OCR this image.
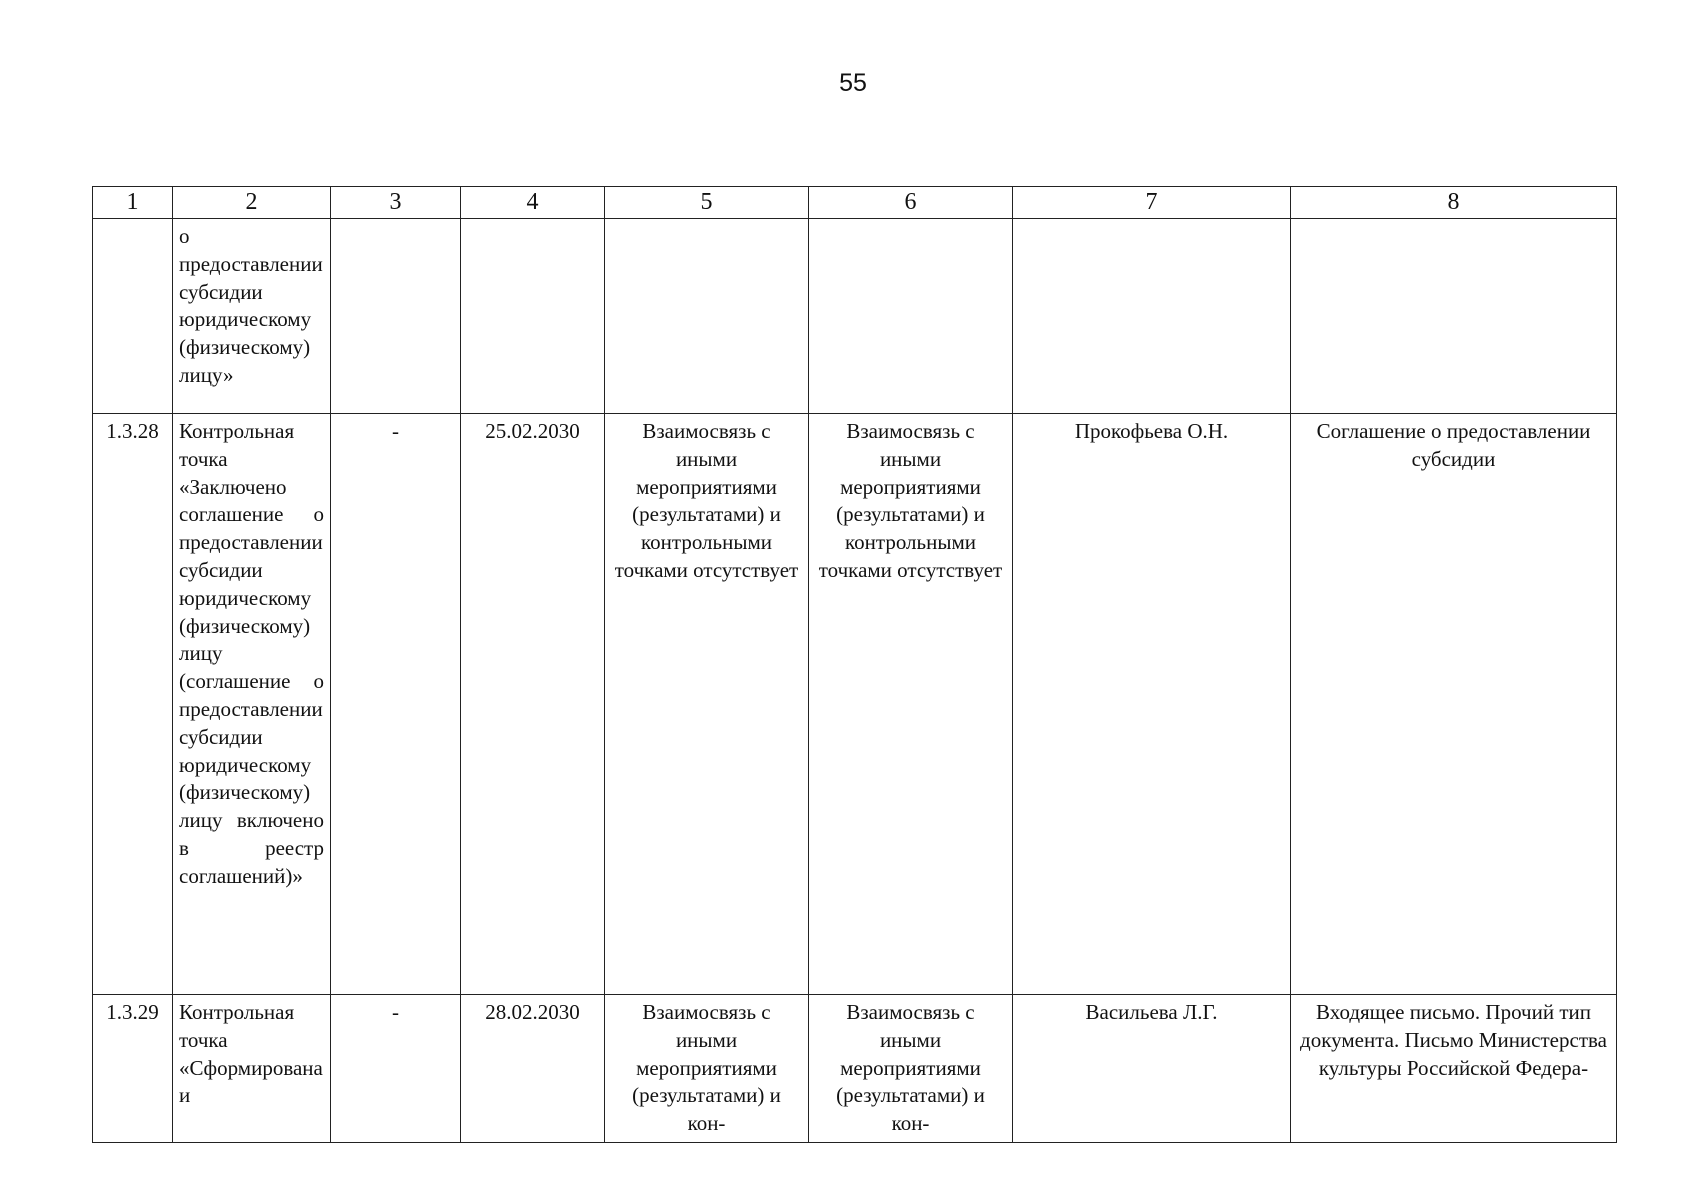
55
1	2	3	4	5	6	7	8
	о предоставлении субсидии юридическому (физическому) лицу»						
1.3.28	Контрольная точка «Заключено соглашение о предоставлении субсидии юридическому (физическому) лицу (соглашение о предоставлении субсидии юридическому (физическому) лицу включено в реестр соглашений)»	-	25.02.2030	Взаимосвязь с иными мероприятиями (результатами) и контрольными точками отсутствует	Взаимосвязь с иными мероприятиями (результатами) и контрольными точками отсутствует	Прокофьева О.Н.	Соглашение о предоставлении субсидии
1.3.29	Контрольная точка «Сформирована и	-	28.02.2030	Взаимосвязь с иными мероприятиями (результатами) и кон-	Взаимосвязь с иными мероприятиями (результатами) и кон-	Васильева Л.Г.	Входящее письмо. Прочий тип документа. Письмо Министерства культуры Российской Федера-
